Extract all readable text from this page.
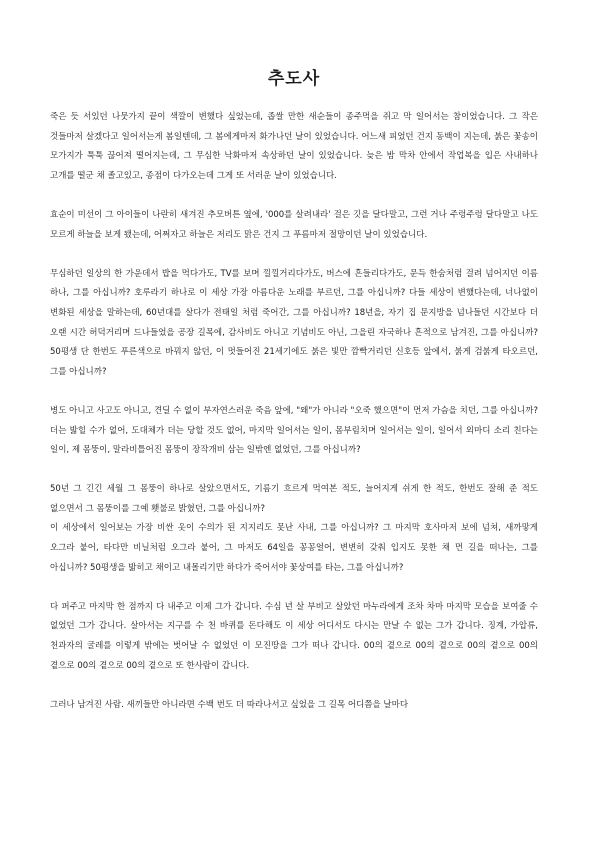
추도사
죽은 듯 서있던 나뭇가지 끝이 색깔이 변했다 싶었는데, 좁쌀 만한 새순들이 종주먹을 쥐고 막 일어서는 참이었습니다. 그 작은 것들마저 살겠다고 일어서는게 봄일텐데, 그 봄에게마저 화가나던 날이 있었습니다. 어느새 피었던 건지 동백이 지는데, 붉은 꽃송이 모가지가 툭툭 끊어져 떨어지는데, 그 무심한 낙화마저 속상하던 날이 있었습니다. 늦은 밤 막차 안에서 작업복을 입은 사내하나 고개를 떨군 채 졸고있고, 종점이 다가오는데 그게 또 서러운 날이 있었습니다.
효순이 미선이 그 아이들이 나란히 새겨진 추모버튼 옆에, '000를 살려내라' 걸은 깃을 달다말고, 그런 거나 주렁주렁 달다말고 나도 모르게 하늘을 보게 됐는데, 어쩌자고 하늘은 저리도 맑은 건지 그 푸름마저 절망이던 날이 있었습니다.
무심하던 일상의 한 가운데서 밥을 먹다가도, TV를 보며 낄낄거리다가도, 버스에 흔들리다가도, 문득 한숨처럼 걸려 넘어지던 이름 하나, 그를 아십니까? 호루라기 하나로 이 세상 가장 아름다운 노래를 부르던, 그를 아십니까? 다들 세상이 변했다는데, 너나없이 변화된 세상을 말하는데, 60년대를 살다가 전태일 처럼 죽어간, 그를 아십니까? 18년을, 자기 집 문지방을 넘나들던 시간보다 더 오랜 시간 허덕거리며 드나들었을 공장 길목에, 감사비도 아니고 기념비도 아닌, 그을린 자국하나 흔적으로 남겨진, 그를 아십니까? 50평생 단 한번도 푸른색으로 바꿔지 않던, 이 멋들어진 21세기에도 붉은 빛만 깜빡거리던 신호등 앞에서, 붉게 검붉게 타오르던, 그를 아십니까?
병도 아니고 사고도 아니고, 견딜 수 없이 부자연스러운 죽음 앞에, "왜"가 아니라 "오죽 했으면"이 먼저 가슴을 치던, 그를 아십니까? 더는 밟힐 수가 없어, 도대체가 더는 당할 것도 없어, 마지막 일어서는 일이, 몸부림치며 일어서는 일이, 일어서 외마디 소리 친다는 일이, 제 몸뚱이, 말라비틀어진 몸뚱이 장작개비 삼는 일밖엔 없었던, 그를 아십니까?
50년 그 긴긴 세월 그 몸뚱이 하나로 살았으면서도, 기름기 흐르게 먹여본 적도, 늘어지게 쉬게 한 적도, 한번도 잘해 준 적도 없으면서 그 몸뚱이를 그예 횃불로 밝혔던, 그를 아십니까?
이 세상에서 일어보는 가장 비싼 옷이 수의가 된 지지리도 못난 사내, 그를 아십니까? 그 마지막 호사마저 보에 넘쳐, 새까맣게 오그라 붙어, 타다만 비닐처럼 오그라 붙어, 그 마저도 64일을 꽁꽁얼어, 변변히 갖춰 입지도 못한 채 먼 길을 떠나는, 그를 아십니까? 50평생을 밟히고 채이고 내몰리기만 하다가 죽어서야 꽃상여를 타는, 그를 아십니까?
다 퍼주고 마지막 한 점까지 다 내주고 이제 그가 갑니다. 수심 년 살 부비고 살았던 마누라에게 조차 차마 마지막 모습을 보여줄 수 없었던 그가 갑니다. 살아서는 지구를 수 천 바퀴를 돈다해도 이 세상 어디서도 다시는 만날 수 없는 그가 갑니다. 징계, 가압류, 천과자의 굴레를 이렇게 밖에는 벗어날 수 없었던 이 모진땅을 그가 떠나 갑니다. 00의 곁으로 00의 곁으로 00의 곁으로 00의 곁으로 00의 곁으로 00의 곁으로 또 한사람이 갑니다.
그러나 남겨진 사람. 새끼들만 아니라면 수백 번도 더 따라나서고 싶었을 그 길목 어디쯤을 날마다
